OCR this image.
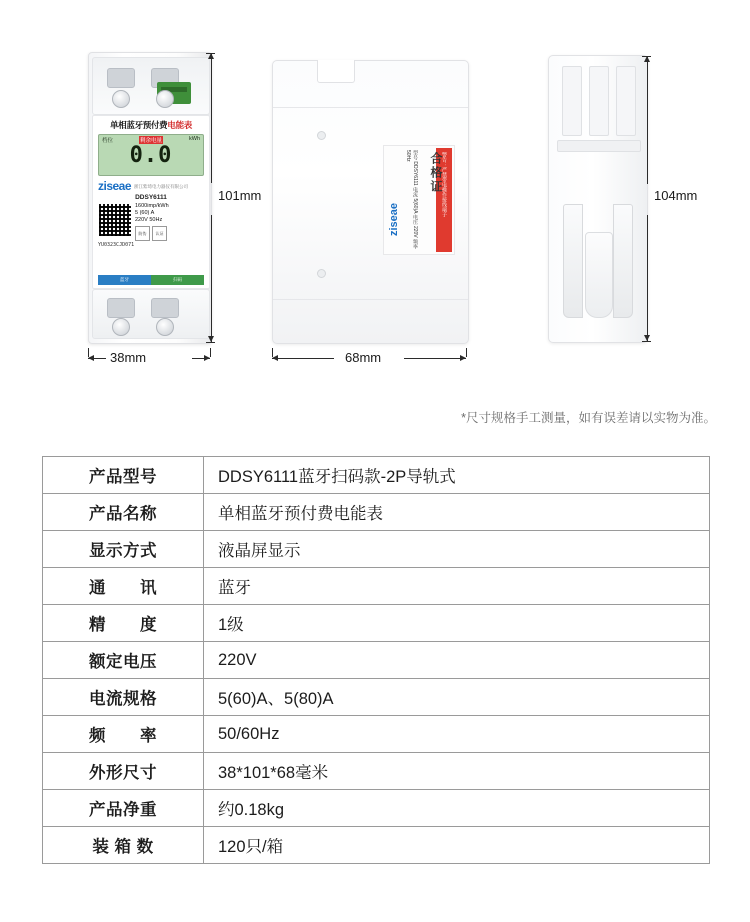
单相蓝牙预付费电能表
档位	剩余电量	kWh
0.0
ziseae 浙江紫琦电力器仪有限公司
DDSY6111
1600imp/kWh
5 (60) A
220V 50Hz
防伪	认证
YU0323CJD071
蓝牙	扫码
警告：严禁带电操作接线端子
合格证
型号 DDSY6111 电流 5(60)A 电压 220V 频率 50Hz
ziseae
101mm	104mm
38mm	68mm
*尺寸规格手工测量，如有误差请以实物为准。
产品型号	DDSY6111蓝牙扫码款-2P导轨式
产品名称	单相蓝牙预付费电能表
显示方式	液晶屏显示
通　　讯	蓝牙
精　　度	1级
额定电压	220V
电流规格	5(60)A、5(80)A
频　　率	50/60Hz
外形尺寸	38*101*68毫米
产品净重	约0.18kg
装 箱 数	120只/箱
